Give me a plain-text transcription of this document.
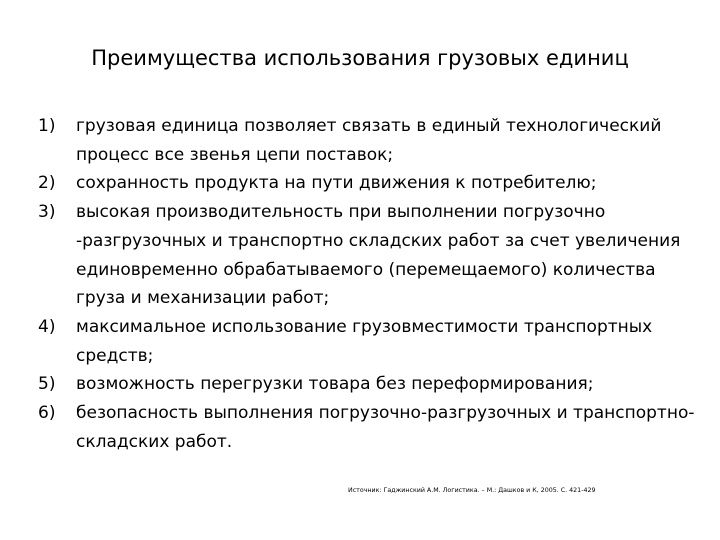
Преимущества использования грузовых единиц
1)	грузовая единица позволяет связать в единый технологический процесс все звенья цепи поставок;
2)	сохранность продукта на пути движения к потребителю;
3)	высокая производительность при выполнении погрузочно -разгрузочных и транспортно складских работ за счет увеличения единовременно обрабатываемого (перемещаемого) количества груза и механизации работ;
4)	максимальное использование грузовместимости транспортных средств;
5)	возможность перегрузки товара без переформирования;
6)	безопасность выполнения погрузочно-разгрузочных и транспортно-складских работ.
Источник: Гаджинский А.М. Логистика. – М.: Дашков и К, 2005. С. 421-429
